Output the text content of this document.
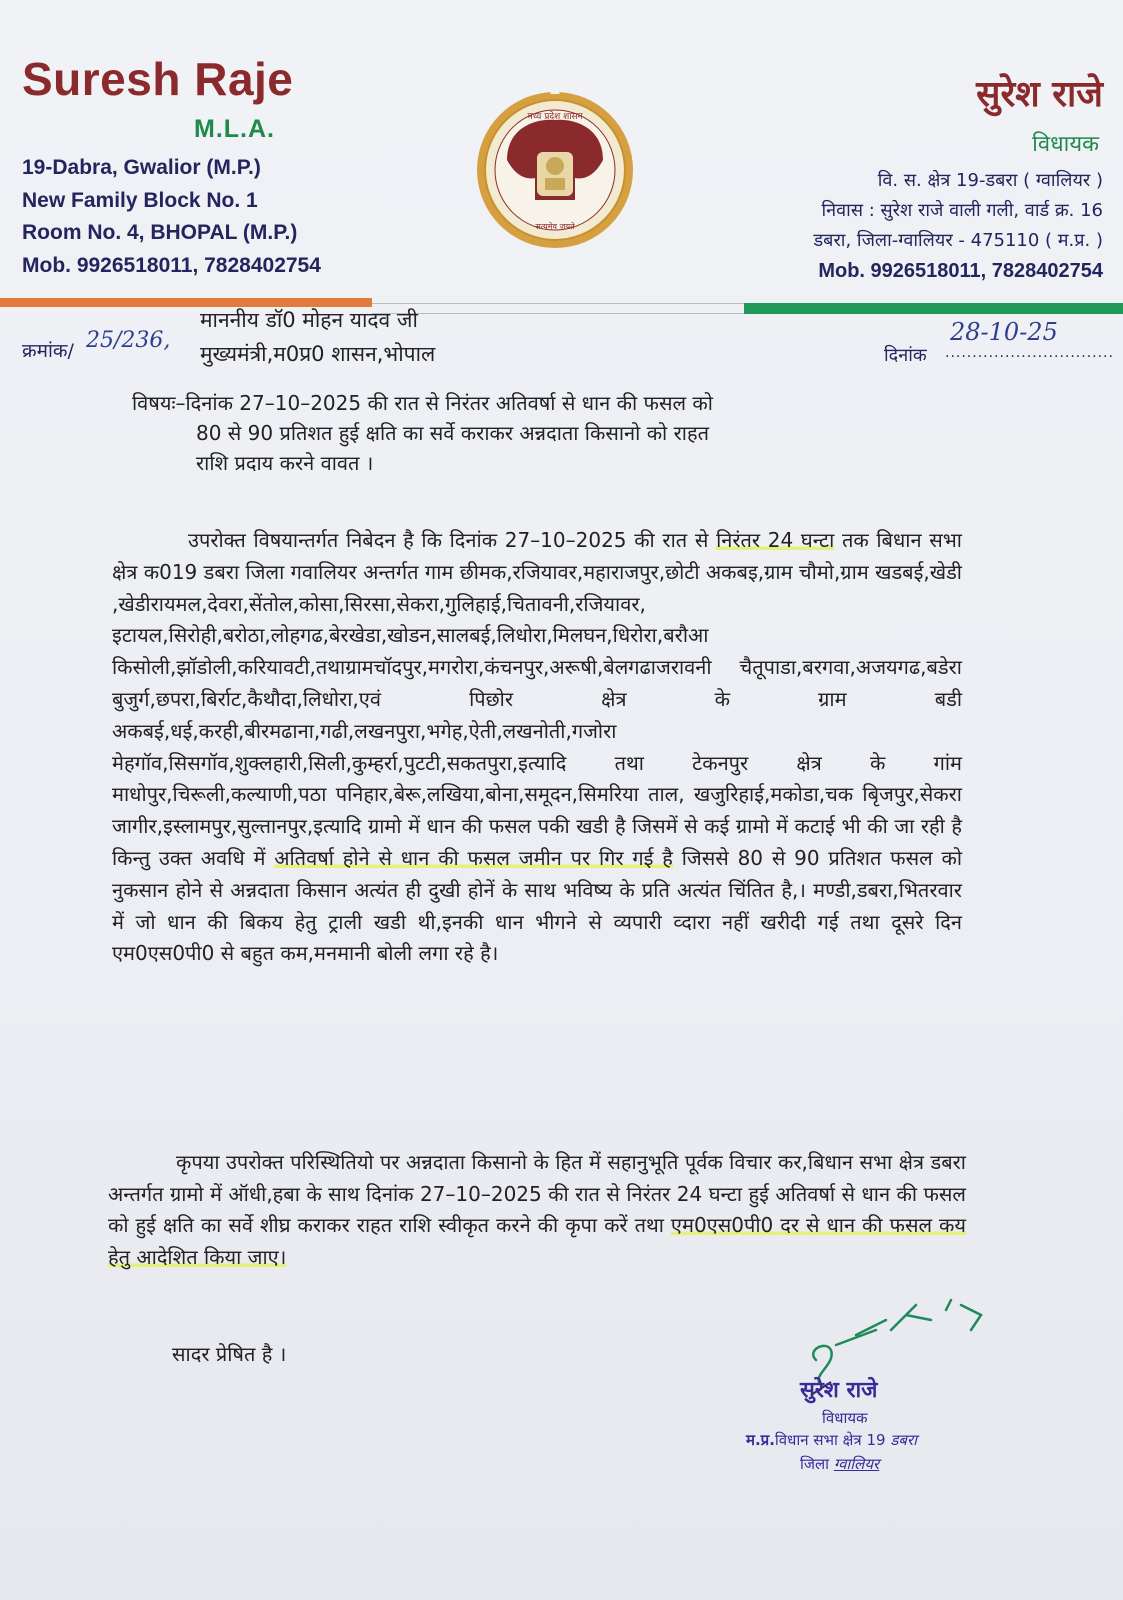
Suresh Raje
M.L.A.
19-Dabra, Gwalior (M.P.)
New Family Block No. 1
Room No. 4, BHOPAL (M.P.)
Mob. 9926518011, 7828402754
मध्य प्रदेश शासन
सत्यमेव जयते
सुरेश राजे
विधायक
वि. स. क्षेत्र 19-डबरा ( ग्वालियर )
निवास : सुरेश राजे वाली गली, वार्ड क्र. 16
डबरा, जिला-ग्वालियर - 475110 ( म.प्र. )
Mob. 9926518011, 7828402754
माननीय डॉ0 मोहन यादव जी
मुख्यमंत्री,म0प्र0 शासन,भोपाल
क्रमांक/ 25/236,
दिनांक ...............................
28-10-25
विषयः–दिनांक 27–10–2025 की रात से निरंतर अतिवर्षा से धान की फसल को
80 से 90 प्रतिशत हुई क्षति का सर्वे कराकर अन्नदाता किसानो को राहत
राशि प्रदाय करने वावत ।

उपरोक्त विषयान्तर्गत निबेदन है कि दिनांक 27–10–2025 की रात से निरंतर 24 घन्टा तक बिधान सभा क्षेत्र क019 डबरा जिला गवालियर अन्तर्गत गाम छीमक,रजियावर,महाराजपुर,छोटी अकबइ,ग्राम चौमो,ग्राम खडबई,खेडी ,खेडीरायमल,देवरा,सेंतोल,कोसा,सिरसा,सेकरा,गुलिहाई,चितावनी,रजियावर, इटायल,सिरोही,बरोठा,लोहगढ,बेरखेडा,खोडन,सालबई,लिधोरा,मिलघन,धिरोरा,बरौआ किसोली,झॉडोली,करियावटी,तथाग्रामचॉदपुर,मगरोरा,कंचनपुर,अरूषी,बेलगढाजरावनी चैतूपाडा,बरगवा,अजयगढ,बडेरा बुजुर्ग,छपरा,बिर्राट,कैथौदा,लिधोरा,एवं पिछोर क्षेत्र के ग्राम बडी अकबई,धई,करही,बीरमढाना,गढी,लखनपुरा,भगेह,ऐती,लखनोती,गजोरा मेहगॉव,सिसगॉव,शुक्लहारी,सिली,कुम्हर्रा,पुटटी,सकतपुरा,इत्यादि तथा टेकनपुर क्षेत्र के गांम माधोपुर,चिरूली,कल्याणी,पठा पनिहार,बेरू,लखिया,बोना,समूदन,सिमरिया ताल, खजुरिहाई,मकोडा,चक बिृजपुर,सेकरा जागीर,इस्लामपुर,सुल्तानपुर,इत्यादि ग्रामो में धान की फसल पकी खडी है जिसमें से कई ग्रामो में कटाई भी की जा रही है किन्तु उक्त अवधि में अतिवर्षा होने से धान की फसल जमीन पर गिर गई है जिससे 80 से 90 प्रतिशत फसल को नुकसान होने से अन्नदाता किसान अत्यंत ही दुखी होनें के साथ भविष्य के प्रति अत्यंत चिंतित है,। मण्डी,डबरा,भितरवार में जो धान की बिकय हेतु ट्राली खडी थी,इनकी धान भीगने से व्यपारी व्दारा नहीं खरीदी गई तथा दूसरे दिन एम0एस0पी0 से बहुत कम,मनमानी बोली लगा रहे है।

कृपया उपरोक्त परिस्थितियो पर अन्नदाता किसानो के हित में सहानुभूति पूर्वक विचार कर,बिधान सभा क्षेत्र डबरा अन्तर्गत ग्रामो में ऑधी,हबा के साथ दिनांक 27–10–2025 की रात से निरंतर 24 घन्टा हुई अतिवर्षा से धान की फसल को हुई क्षति का सर्वे शीघ्र कराकर राहत राशि स्वीकृत करने की कृपा करें तथा एम0एस0पी0 दर से धान की फसल कय हेतु आदेशित किया जाए।

सादर प्रेषित है ।
सुरेश राजे
विधायक
म.प्र.विधान सभा क्षेत्र 19 डबरा
जिला ग्वालियर
